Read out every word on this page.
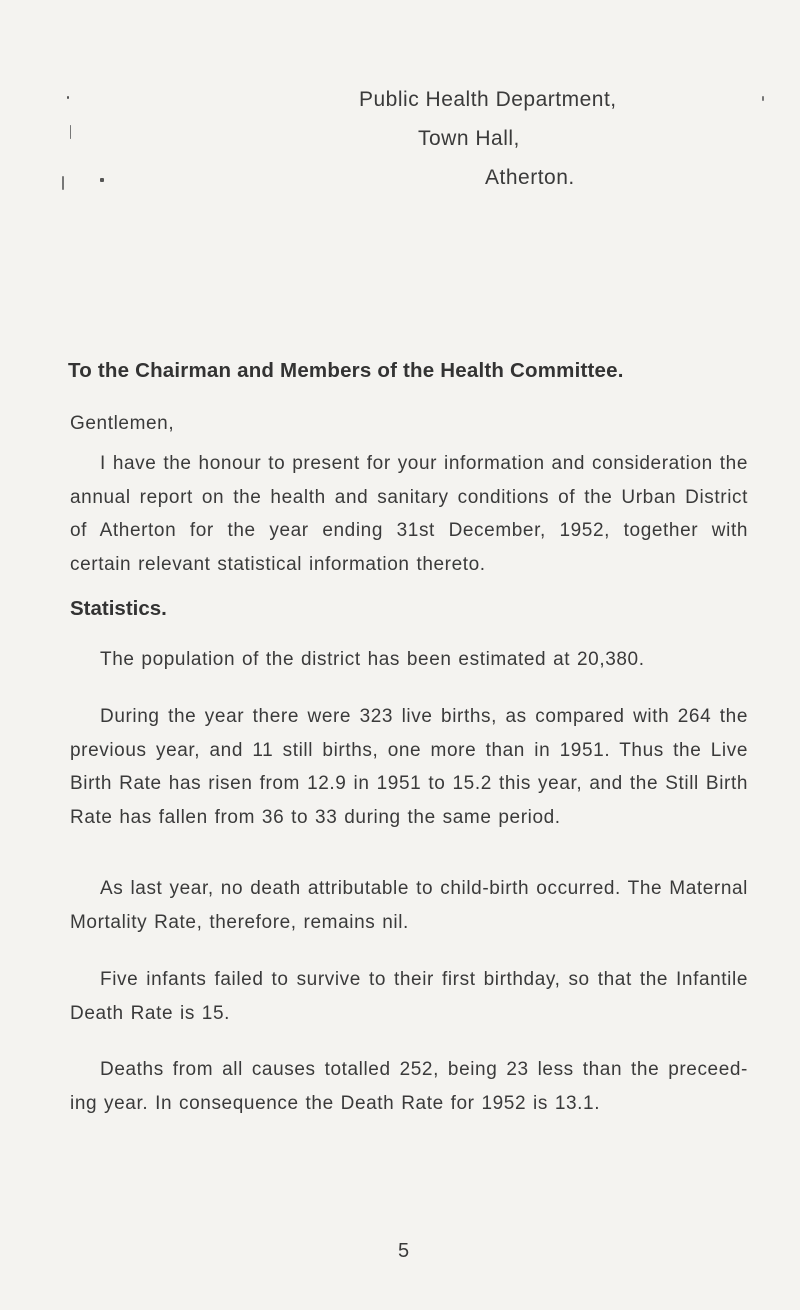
Public Health Department,
Town Hall,
Atherton.
To the Chairman and Members of the Health Committee.
Gentlemen,
I have the honour to present for your information and consideration the annual report on the health and sanitary conditions of the Urban District of Atherton for the year ending 31st December, 1952, together with certain relevant statistical information thereto.
Statistics.
The population of the district has been estimated at 20,380.
During the year there were 323 live births, as compared with 264 the previous year, and 11 still births, one more than in 1951. Thus the Live Birth Rate has risen from 12.9 in 1951 to 15.2 this year, and the Still Birth Rate has fallen from 36 to 33 during the same period.
As last year, no death attributable to child-birth occurred. The Maternal Mortality Rate, therefore, remains nil.
Five infants failed to survive to their first birthday, so that the Infantile Death Rate is 15.
Deaths from all causes totalled 252, being 23 less than the preceed-ing year. In consequence the Death Rate for 1952 is 13.1.
5
